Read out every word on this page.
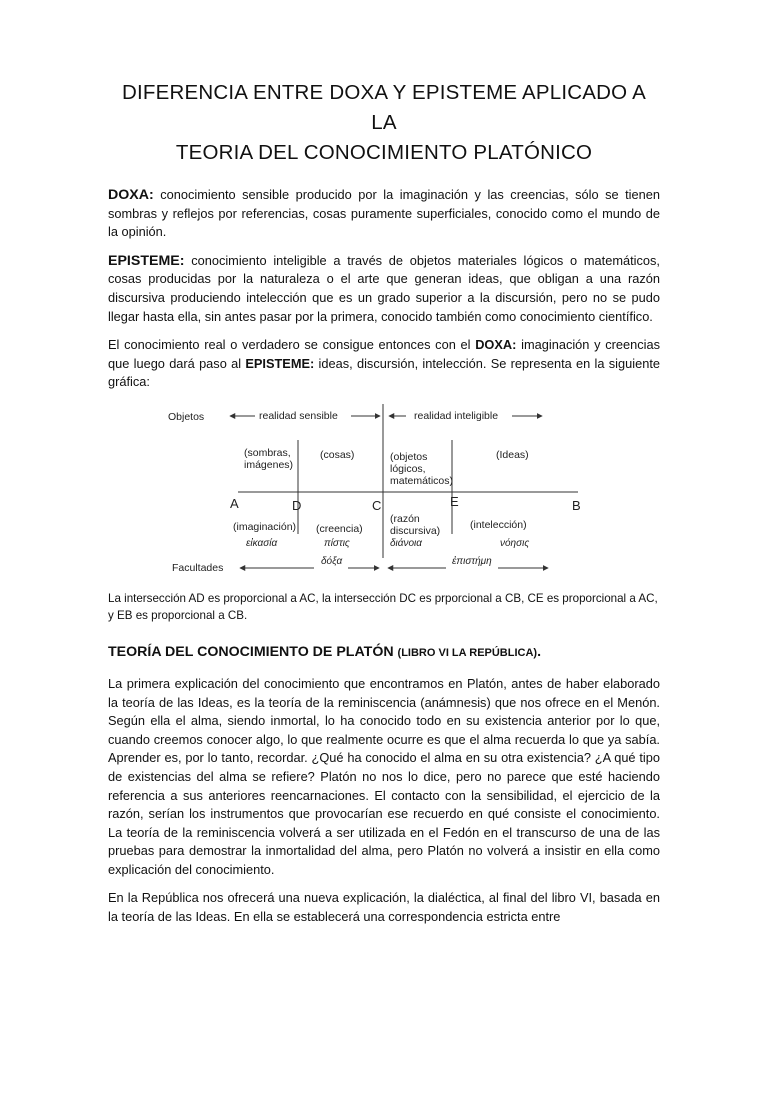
DIFERENCIA ENTRE DOXA Y EPISTEME APLICADO A LA
TEORIA DEL CONOCIMIENTO PLATÓNICO

DOXA: conocimiento sensible producido por la imaginación y las creencias, sólo se tienen sombras y reflejos por referencias, cosas puramente superficiales, conocido como el mundo de la opinión.

EPISTEME: conocimiento inteligible a través de objetos materiales lógicos o matemáticos, cosas producidas por la naturaleza o el arte que generan ideas, que obligan a una razón discursiva produciendo intelección que es un grado superior a la discursión, pero no se pudo llegar hasta ella, sin antes pasar por la primera, conocido también como conocimiento científico.

El conocimiento real o verdadero se consigue entonces con el DOXA: imaginación y creencias que luego dará paso al EPISTEME: ideas, discursión, intelección. Se representa en la siguiente gráfica:

Objetos	realidad sensible	realidad inteligible
(sombras, imágenes)
(cosas)	(objetos lógicos, matemáticos)
(Ideas)
A	D	C	E	B
(imaginación) (creencia)
(razón discursiva)	(intelección)
εἰκασία	πίστις	διάνοια	νόησις
Facultades
δόξα	ἐπιστήμη

La intersección AD es proporcional a AC, la intersección DC es prporcional a CB, CE es proporcional a AC, y EB es proporcional a CB.

TEORÍA DEL CONOCIMIENTO DE PLATÓN (LIBRO VI LA REPÚBLICA).

La primera explicación del conocimiento que encontramos en Platón, antes de haber elaborado la teoría de las Ideas, es la teoría de la reminiscencia (anámnesis) que nos ofrece en el Menón. Según ella el alma, siendo inmortal, lo ha conocido todo en su existencia anterior por lo que, cuando creemos conocer algo, lo que realmente ocurre es que el alma recuerda lo que ya sabía. Aprender es, por lo tanto, recordar. ¿Qué ha conocido el alma en su otra existencia? ¿A qué tipo de existencias del alma se refiere? Platón no nos lo dice, pero no parece que esté haciendo referencia a sus anteriores reencarnaciones. El contacto con la sensibilidad, el ejercicio de la razón, serían los instrumentos que provocarían ese recuerdo en qué consiste el conocimiento. La teoría de la reminiscencia volverá a ser utilizada en el Fedón en el transcurso de una de las pruebas para demostrar la inmortalidad del alma, pero Platón no volverá a insistir en ella como explicación del conocimiento.

En la República nos ofrecerá una nueva explicación, la dialéctica, al final del libro VI, basada en la teoría de las Ideas. En ella se establecerá una correspondencia estricta entre
